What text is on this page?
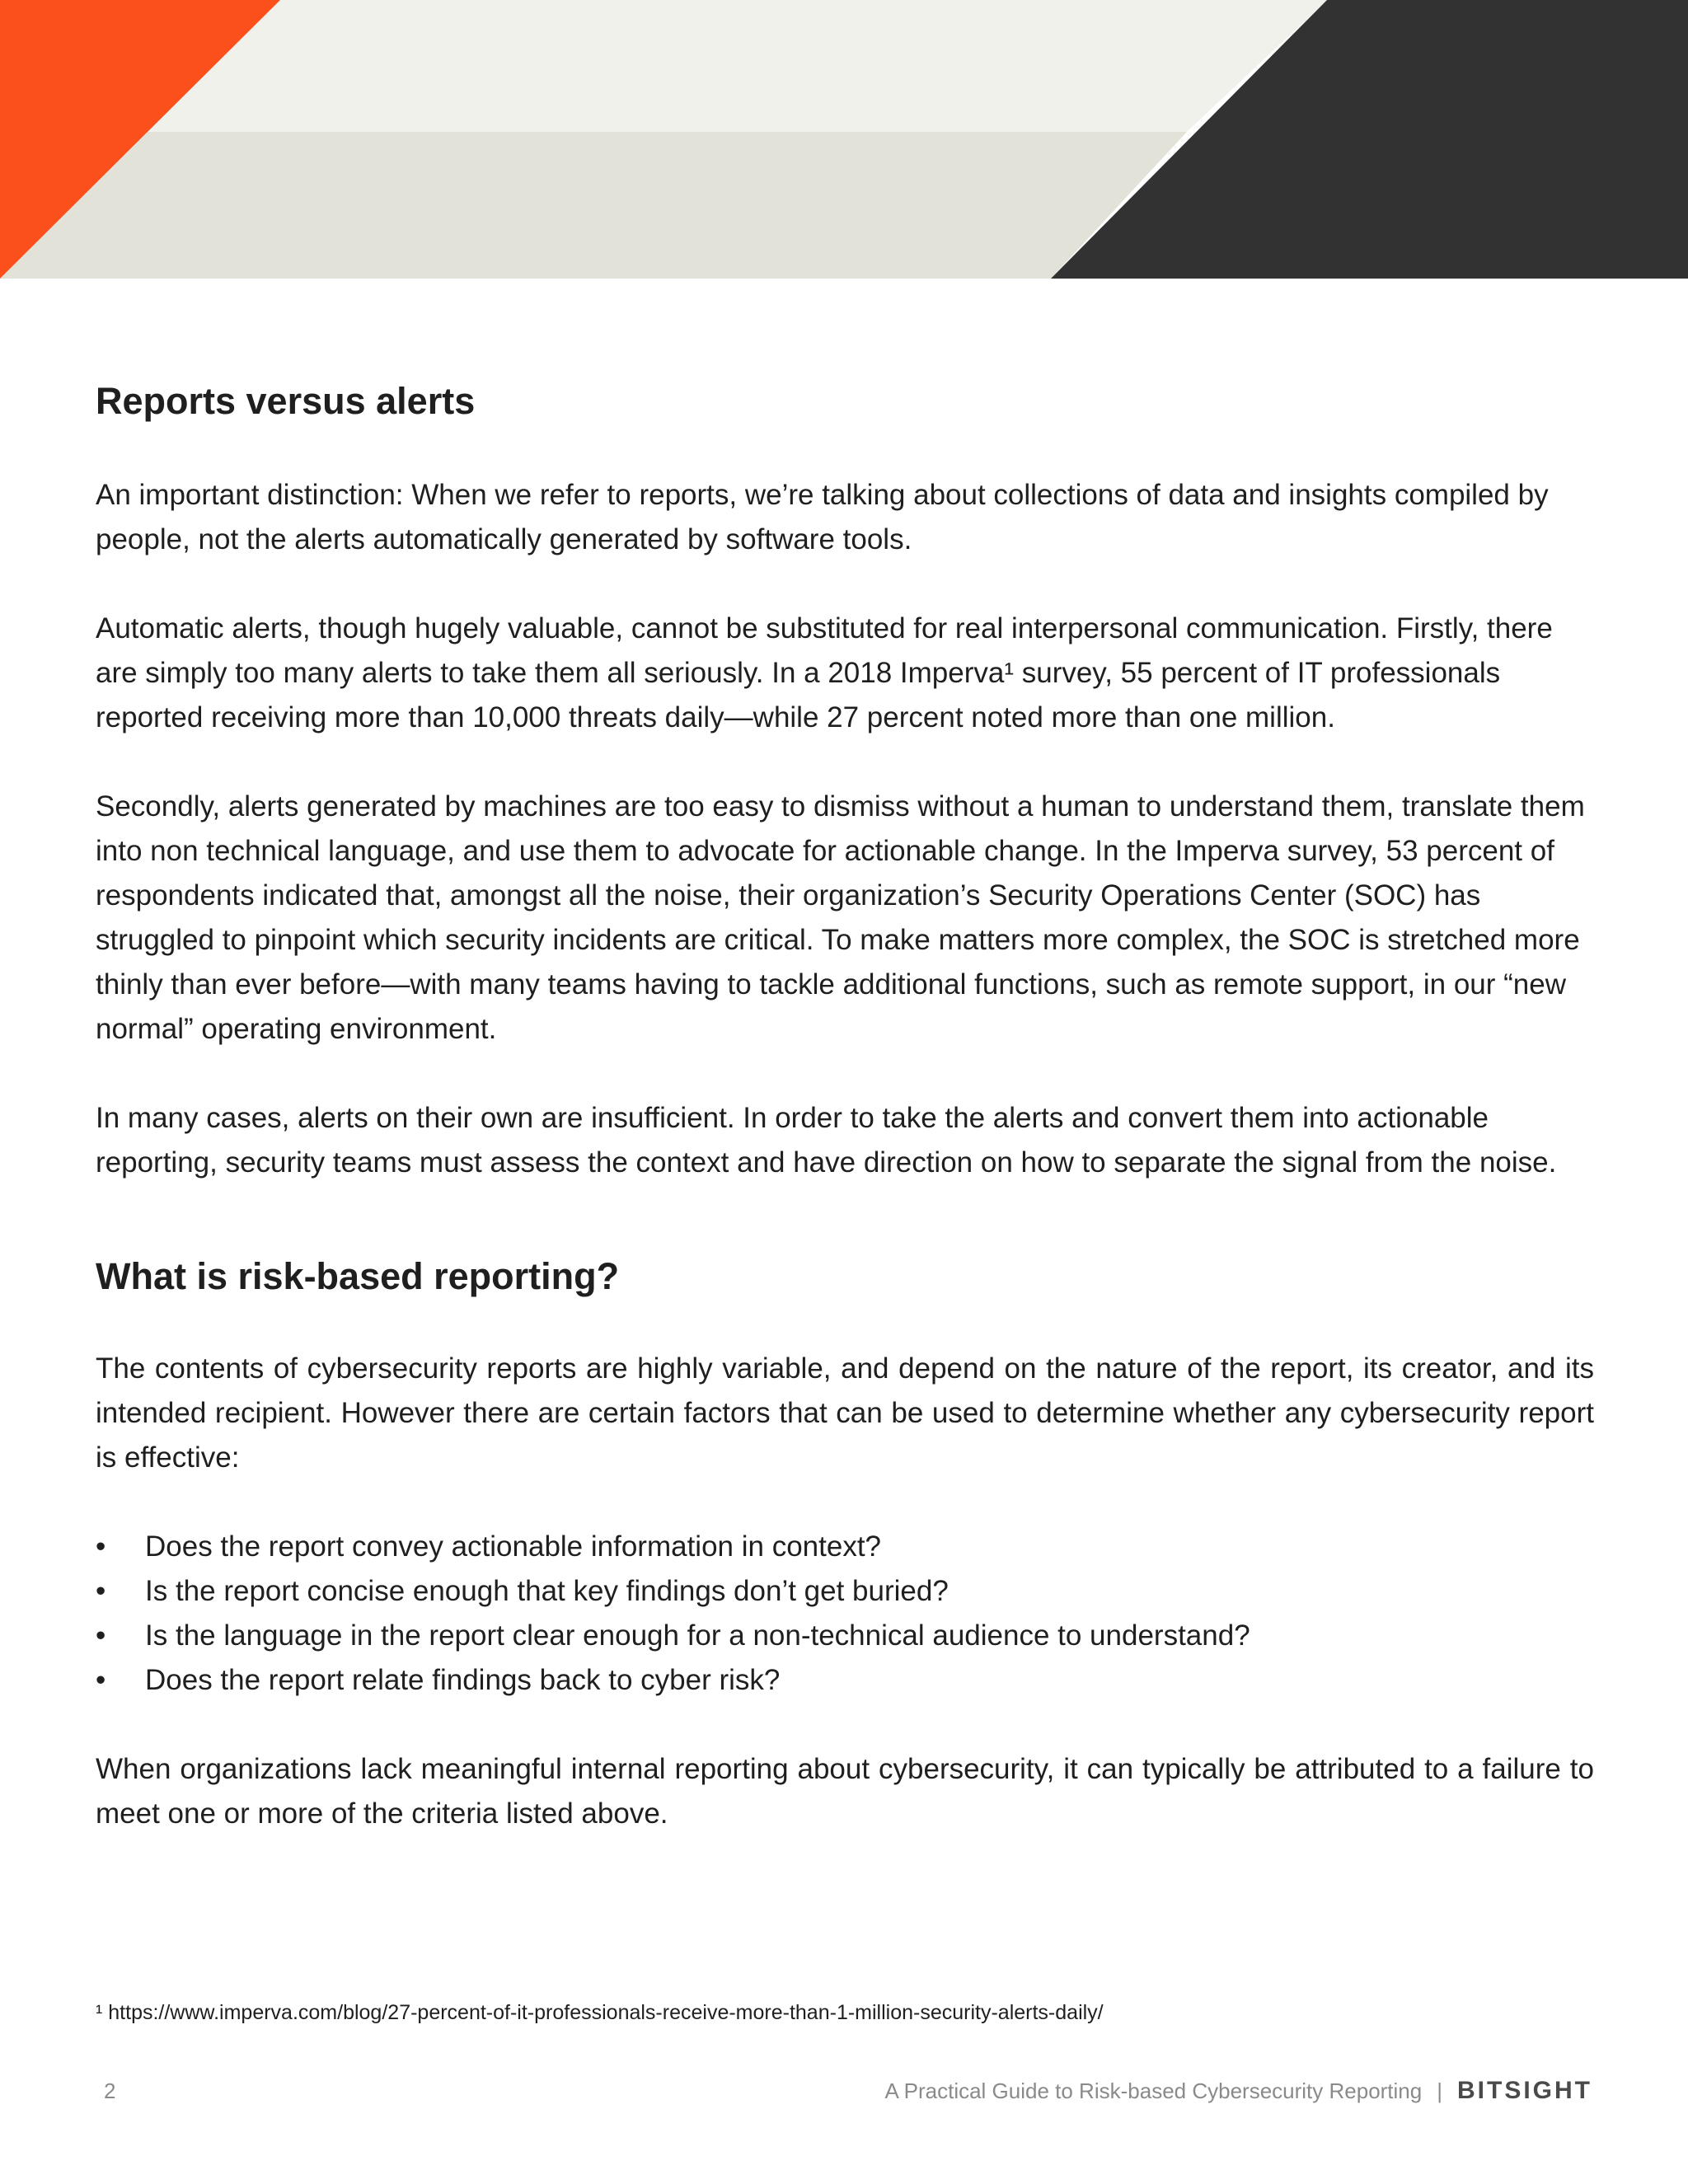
Reports versus alerts

An important distinction: When we refer to reports, we’re talking about collections of data and insights compiled by people, not the alerts automatically generated by software tools.

Automatic alerts, though hugely valuable, cannot be substituted for real interpersonal communication. Firstly, there are simply too many alerts to take them all seriously. In a 2018 Imperva¹ survey, 55 percent of IT professionals reported receiving more than 10,000 threats daily—while 27 percent noted more than one million.

Secondly, alerts generated by machines are too easy to dismiss without a human to understand them, translate them into non technical language, and use them to advocate for actionable change. In the Imperva survey, 53 percent of respondents indicated that, amongst all the noise, their organization’s Security Operations Center (SOC) has struggled to pinpoint which security incidents are critical. To make matters more complex, the SOC is stretched more thinly than ever before—with many teams having to tackle additional functions, such as remote support, in our “new normal” operating environment.

In many cases, alerts on their own are insufficient. In order to take the alerts and convert them into actionable reporting, security teams must assess the context and have direction on how to separate the signal from the noise.

What is risk-based reporting?

The contents of cybersecurity reports are highly variable, and depend on the nature of the report, its creator, and its intended recipient. However there are certain factors that can be used to determine whether any cybersecurity report is effective:

• Does the report convey actionable information in context?
• Is the report concise enough that key findings don’t get buried?
• Is the language in the report clear enough for a non-technical audience to understand?
• Does the report relate findings back to cyber risk?

When organizations lack meaningful internal reporting about cybersecurity, it can typically be attributed to a failure to meet one or more of the criteria listed above.

¹ https://www.imperva.com/blog/27-percent-of-it-professionals-receive-more-than-1-million-security-alerts-daily/
2	A Practical Guide to Risk-based Cybersecurity Reporting | BITSIGHT
